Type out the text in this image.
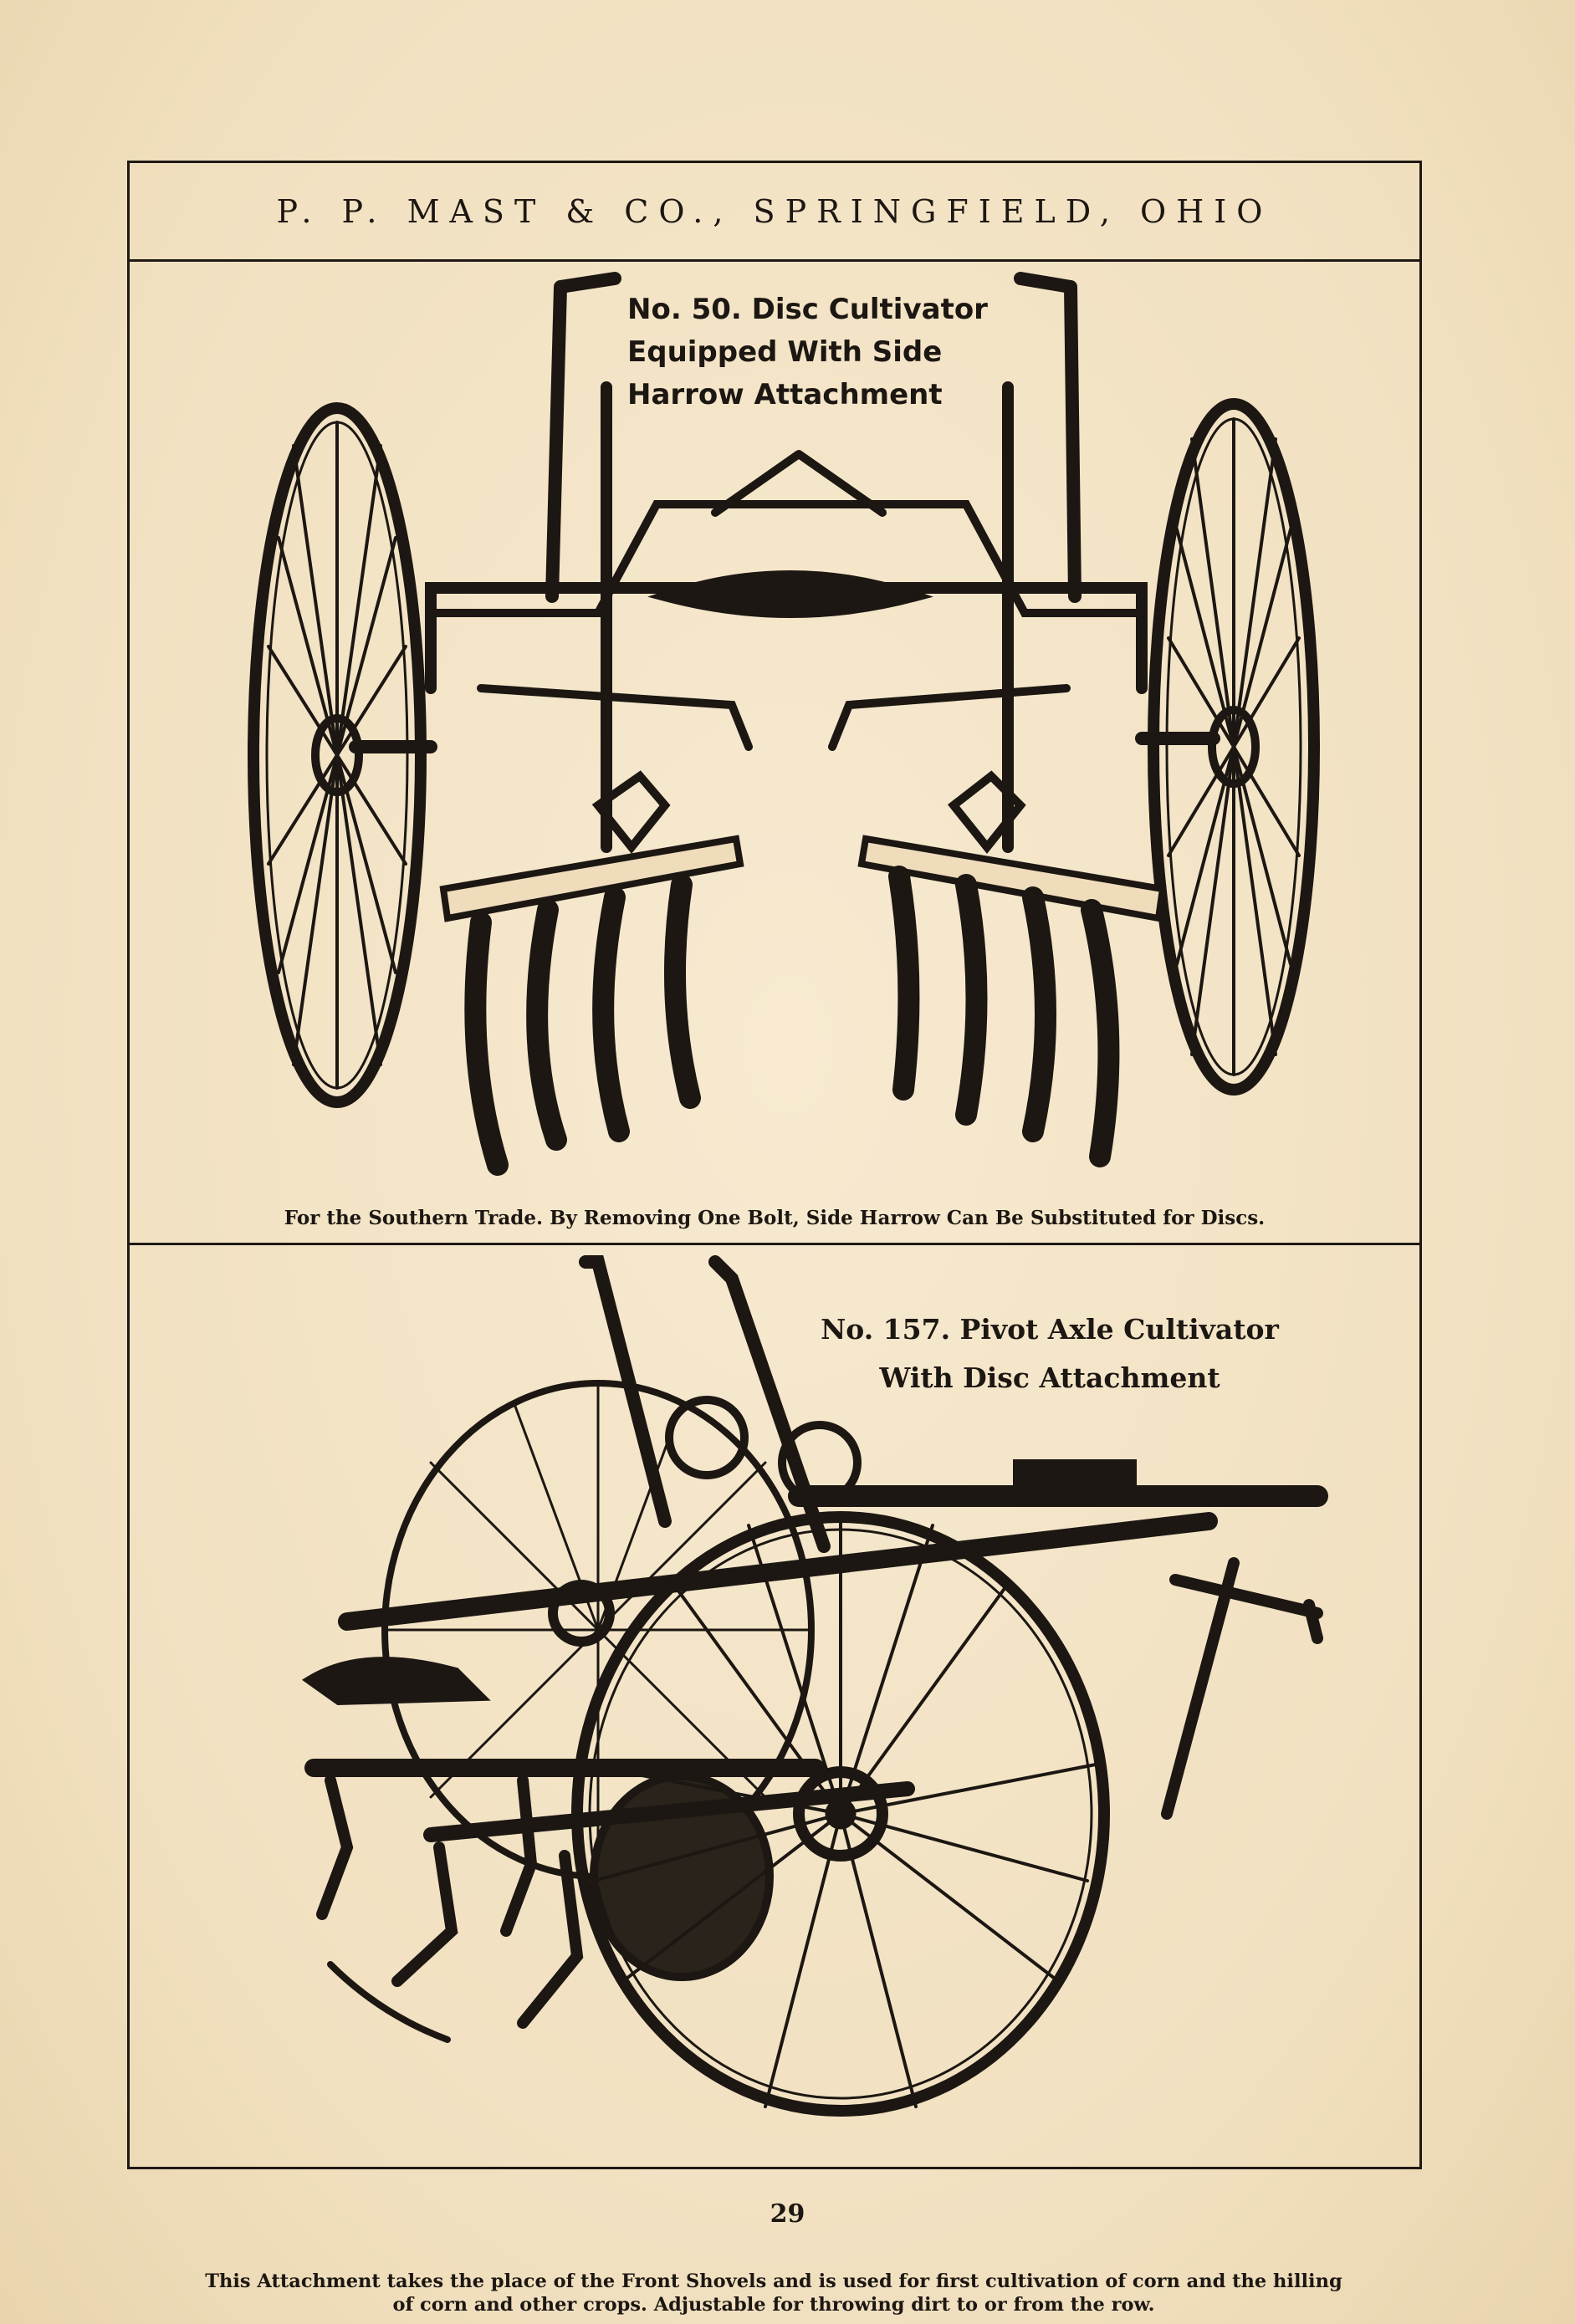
P. P. MAST & CO., SPRINGFIELD, OHIO
No. 50. Disc Cultivator
Equipped With Side
Harrow Attachment
For the Southern Trade. By Removing One Bolt, Side Harrow Can Be Substituted for Discs.
No. 157. Pivot Axle Cultivator
With Disc Attachment
This Attachment takes the place of the Front Shovels and is used for first cultivation of corn and the hilling
of corn and other crops. Adjustable for throwing dirt to or from the row.
29
